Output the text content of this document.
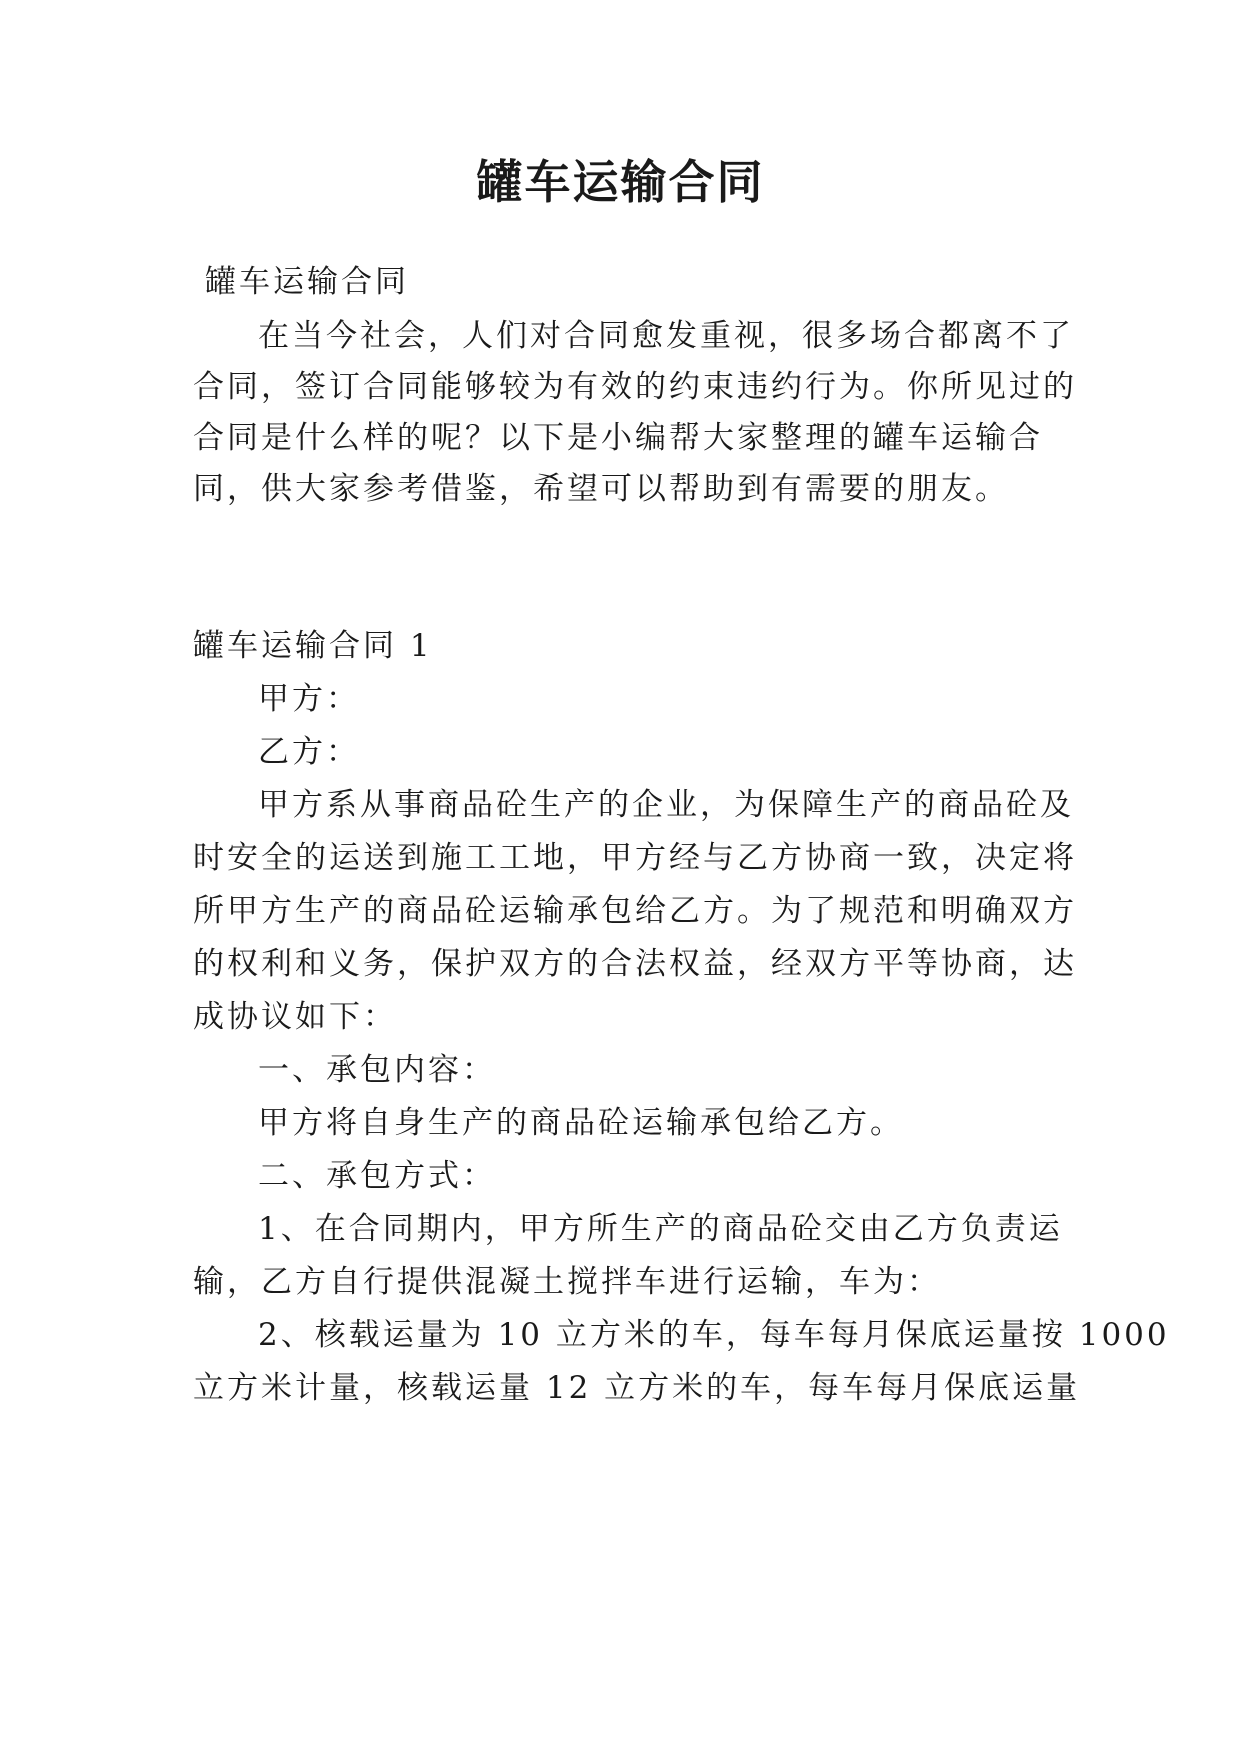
罐车运输合同

罐车运输合同

在当今社会，人们对合同愈发重视，很多场合都离不了

合同，签订合同能够较为有效的约束违约行为。你所见过的

合同是什么样的呢？以下是小编帮大家整理的罐车运输合

同，供大家参考借鉴，希望可以帮助到有需要的朋友。

罐车运输合同 1

甲方：

乙方：

甲方系从事商品砼生产的企业，为保障生产的商品砼及

时安全的运送到施工工地，甲方经与乙方协商一致，决定将

所甲方生产的商品砼运输承包给乙方。为了规范和明确双方

的权利和义务，保护双方的合法权益，经双方平等协商，达

成协议如下：

一、承包内容：

甲方将自身生产的商品砼运输承包给乙方。

二、承包方式：

1、在合同期内，甲方所生产的商品砼交由乙方负责运

输，乙方自行提供混凝土搅拌车进行运输，车为：

2、核载运量为 10 立方米的车，每车每月保底运量按 1000

立方米计量，核载运量 12 立方米的车，每车每月保底运量
